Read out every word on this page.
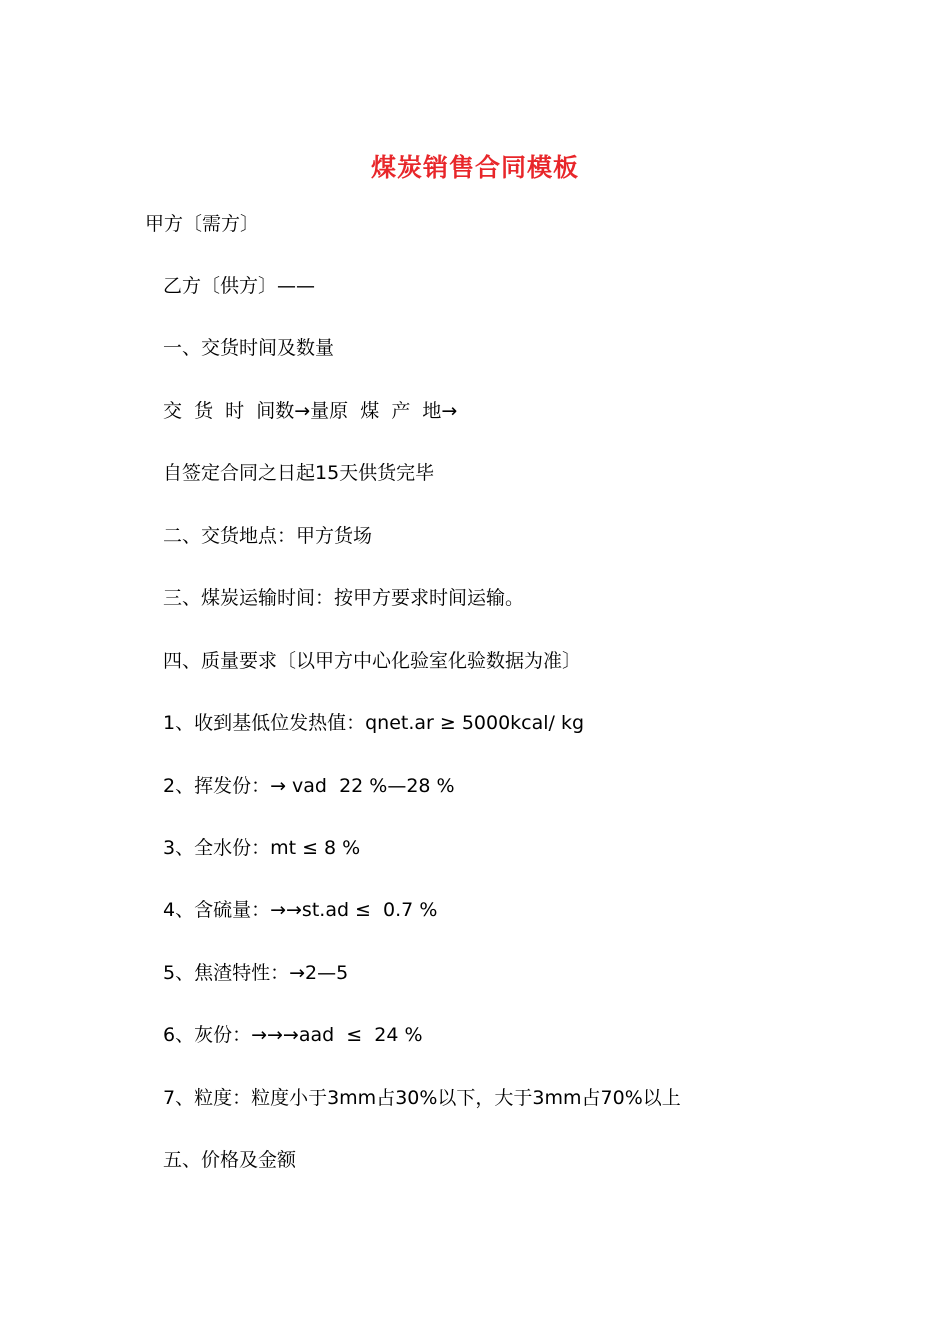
煤炭销售合同模板
甲方〔需方〕
乙方〔供方〕——
一、交货时间及数量
交  货  时  间数→量原  煤  产  地→
自签定合同之日起15天供货完毕
二、交货地点：甲方货场
三、煤炭运输时间：按甲方要求时间运输。
四、质量要求〔以甲方中心化验室化验数据为准〕
1、收到基低位发热值：qnet.ar ≥ 5000kcal/ kg
2、挥发份：→ vad  22 %—28 %
3、全水份：mt ≤ 8 %
4、含硫量：→→st.ad ≤  0.7 %
5、焦渣特性：→2—5
6、灰份：→→→aad  ≤  24 %
7、粒度：粒度小于3mm占30%以下，大于3mm占70%以上
五、价格及金额
